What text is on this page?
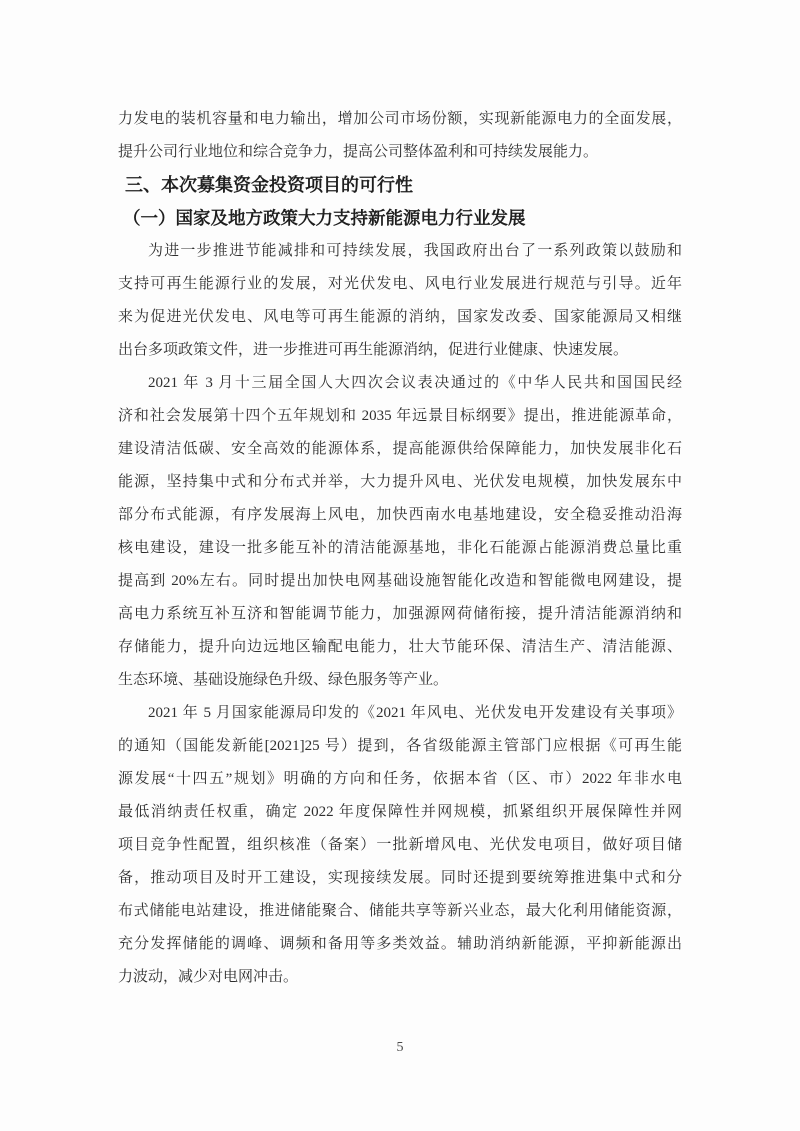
力发电的装机容量和电力输出，增加公司市场份额，实现新能源电力的全面发展，
提升公司行业地位和综合竞争力，提高公司整体盈利和可持续发展能力。
三、本次募集资金投资项目的可行性
（一）国家及地方政策大力支持新能源电力行业发展
为进一步推进节能减排和可持续发展，我国政府出台了一系列政策以鼓励和
支持可再生能源行业的发展，对光伏发电、风电行业发展进行规范与引导。近年
来为促进光伏发电、风电等可再生能源的消纳，国家发改委、国家能源局又相继
出台多项政策文件，进一步推进可再生能源消纳，促进行业健康、快速发展。
2021 年 3 月十三届全国人大四次会议表决通过的《中华人民共和国国民经
济和社会发展第十四个五年规划和 2035 年远景目标纲要》提出，推进能源革命，
建设清洁低碳、安全高效的能源体系，提高能源供给保障能力，加快发展非化石
能源，坚持集中式和分布式并举，大力提升风电、光伏发电规模，加快发展东中
部分布式能源，有序发展海上风电，加快西南水电基地建设，安全稳妥推动沿海
核电建设，建设一批多能互补的清洁能源基地，非化石能源占能源消费总量比重
提高到 20%左右。同时提出加快电网基础设施智能化改造和智能微电网建设，提
高电力系统互补互济和智能调节能力，加强源网荷储衔接，提升清洁能源消纳和
存储能力，提升向边远地区输配电能力，壮大节能环保、清洁生产、清洁能源、
生态环境、基础设施绿色升级、绿色服务等产业。
2021 年 5 月国家能源局印发的《2021 年风电、光伏发电开发建设有关事项》
的通知（国能发新能[2021]25 号）提到，各省级能源主管部门应根据《可再生能
源发展“十四五”规划》明确的方向和任务，依据本省（区、市）2022 年非水电
最低消纳责任权重，确定 2022 年度保障性并网规模，抓紧组织开展保障性并网
项目竞争性配置，组织核准（备案）一批新增风电、光伏发电项目，做好项目储
备，推动项目及时开工建设，实现接续发展。同时还提到要统筹推进集中式和分
布式储能电站建设，推进储能聚合、储能共享等新兴业态，最大化利用储能资源，
充分发挥储能的调峰、调频和备用等多类效益。辅助消纳新能源，平抑新能源出
力波动，减少对电网冲击。
5
